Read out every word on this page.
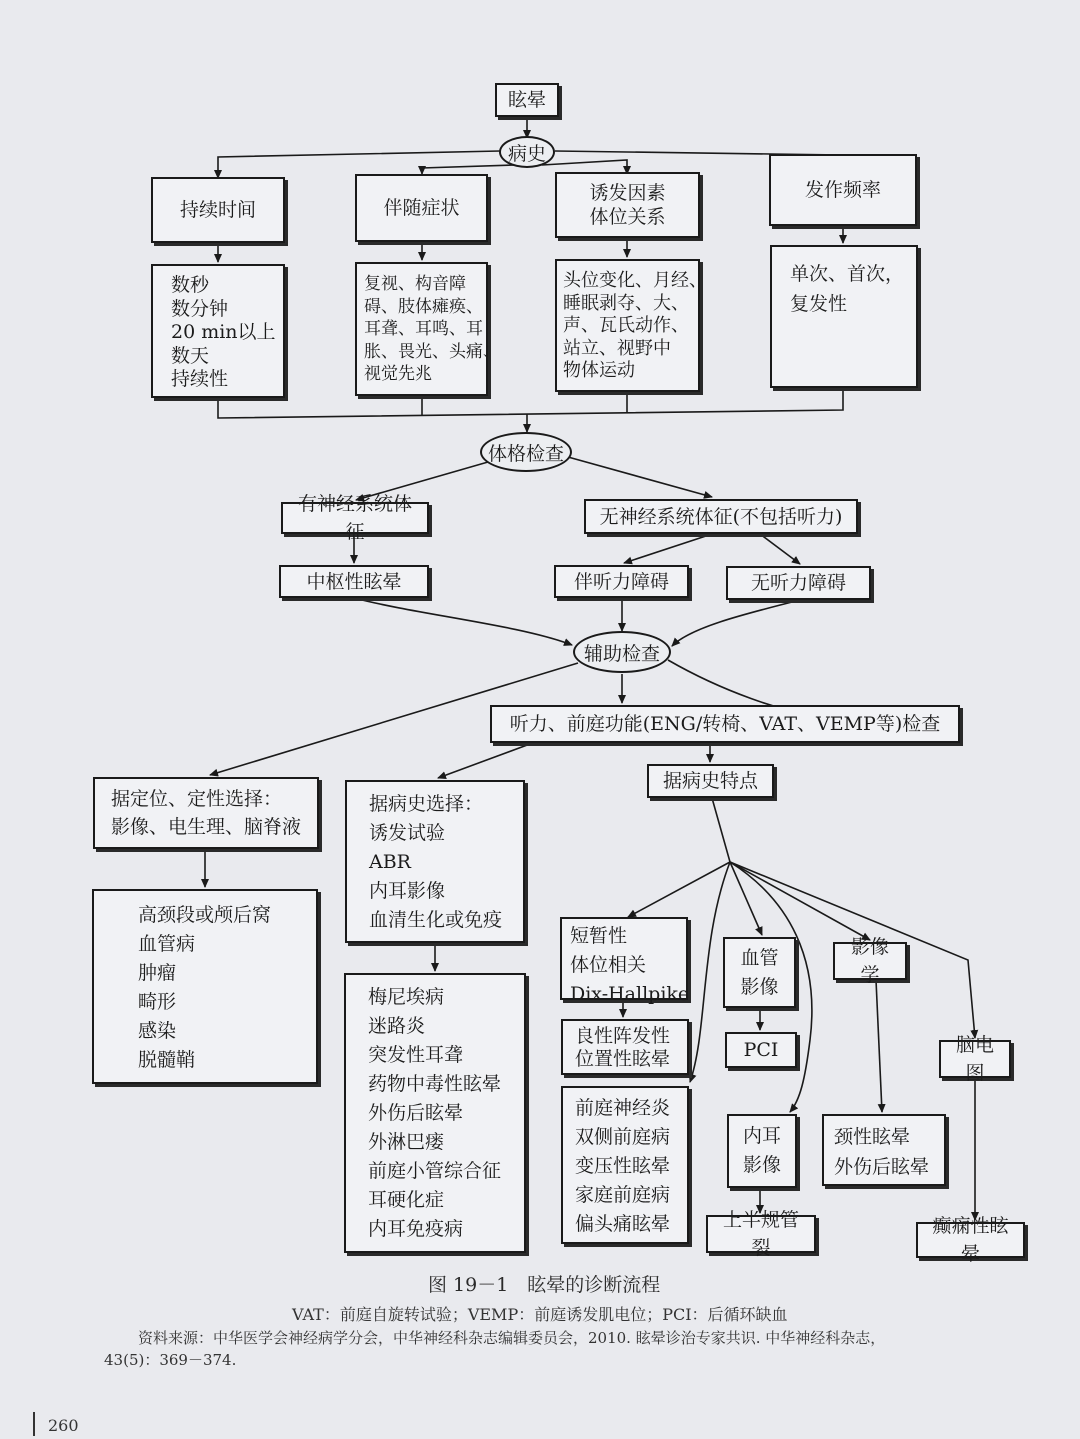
眩晕
病史
持续时间	伴随症状
诱发因素
体位关系
发作频率
数秒
数分钟
20 min以上
数天
持续性
复视、构音障
碍、肢体瘫痪、
耳聋、耳鸣、耳
胀、畏光、头痛、
视觉先兆
头位变化、月经、
睡眠剥夺、大、
声、瓦氏动作、
站立、视野中
物体运动
单次、首次，
复发性
体格检查
有神经系统体征
无神经系统体征(不包括听力)
中枢性眩晕	伴听力障碍	无听力障碍
辅助检查
听力、前庭功能(ENG/转椅、VAT、VEMP等)检查
据定位、定性选择：
影像、电生理、脑脊液
高颈段或颅后窝
血管病
肿瘤
畸形
感染
脱髓鞘
据病史选择：
诱发试验
ABR
内耳影像
血清生化或免疫
梅尼埃病
迷路炎
突发性耳聋
药物中毒性眩晕
外伤后眩晕
外淋巴瘘
前庭小管综合征
耳硬化症
内耳免疫病
据病史特点
短暂性
体位相关
Dix-Hallpike
良性阵发性
位置性眩晕
前庭神经炎
双侧前庭病
变压性眩晕
家庭前庭病
偏头痛眩晕
血管
影像
PCI
内耳
影像
上半规管裂
影像学
颈性眩晕
外伤后眩晕
脑电图
癫痫性眩晕
图 19－1　眩晕的诊断流程
VAT：前庭自旋转试验；VEMP：前庭诱发肌电位；PCI：后循环缺血
资料来源：中华医学会神经病学分会，中华神经科杂志编辑委员会，2010. 眩晕诊治专家共识. 中华神经科杂志，
43(5)：369－374.
260
